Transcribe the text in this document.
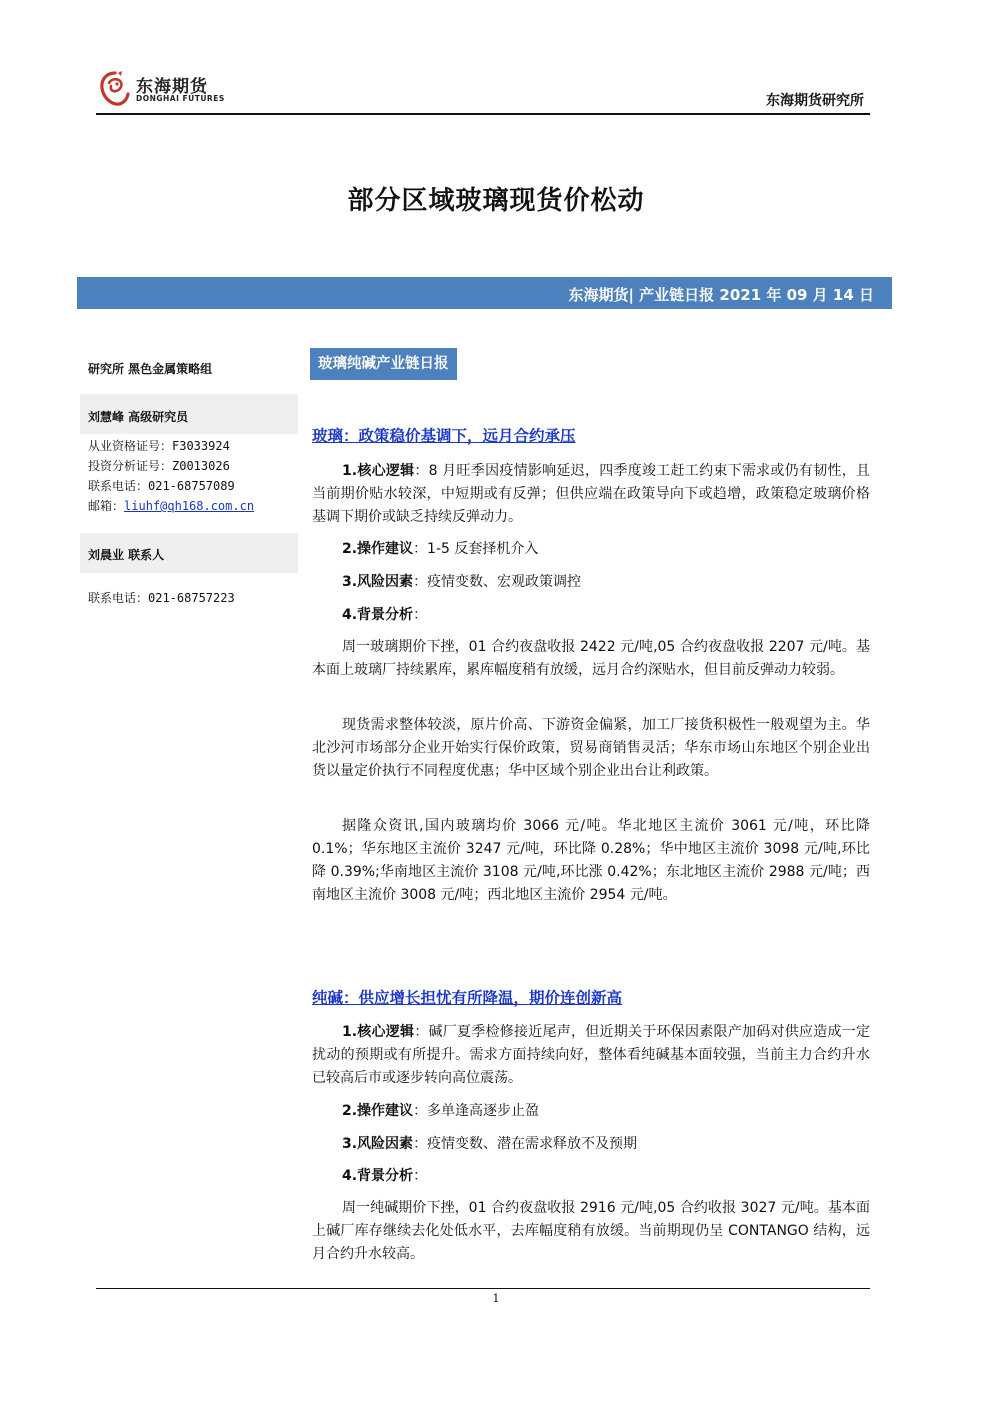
东海期货
DONGHAI FUTURES	东海期货研究所
部分区域玻璃现货价松动
东海期货| 产业链日报 2021 年 09 月 14 日
研究所 黑色金属策略组
刘慧峰 高级研究员
从业资格证号：F3033924
投资分析证号：Z0013026
联系电话：021-68757089
邮箱：liuhf@qh168.com.cn
刘晨业 联系人
联系电话：021-68757223
玻璃纯碱产业链日报
玻璃：政策稳价基调下，远月合约承压
1.核心逻辑：8 月旺季因疫情影响延迟，四季度竣工赶工约束下需求或仍有韧性，且当前期价贴水较深，中短期或有反弹；但供应端在政策导向下或趋增，政策稳定玻璃价格基调下期价或缺乏持续反弹动力。
2.操作建议：1-5 反套择机介入
3.风险因素：疫情变数、宏观政策调控
4.背景分析：
周一玻璃期价下挫，01 合约夜盘收报 2422 元/吨,05 合约夜盘收报 2207 元/吨。基本面上玻璃厂持续累库，累库幅度稍有放缓，远月合约深贴水，但目前反弹动力较弱。
现货需求整体较淡，原片价高、下游资金偏紧，加工厂接货积极性一般观望为主。华北沙河市场部分企业开始实行保价政策，贸易商销售灵活；华东市场山东地区个别企业出货以量定价执行不同程度优惠；华中区域个别企业出台让利政策。
据隆众资讯,国内玻璃均价 3066 元/吨。华北地区主流价 3061 元/吨，环比降 0.1%；华东地区主流价 3247 元/吨，环比降 0.28%；华中地区主流价 3098 元/吨,环比降 0.39%;华南地区主流价 3108 元/吨,环比涨 0.42%；东北地区主流价 2988 元/吨；西南地区主流价 3008 元/吨；西北地区主流价 2954 元/吨。
纯碱：供应增长担忧有所降温，期价连创新高
1.核心逻辑：碱厂夏季检修接近尾声，但近期关于环保因素限产加码对供应造成一定扰动的预期或有所提升。需求方面持续向好，整体看纯碱基本面较强，当前主力合约升水已较高后市或逐步转向高位震荡。
2.操作建议：多单逢高逐步止盈
3.风险因素：疫情变数、潜在需求释放不及预期
4.背景分析：
周一纯碱期价下挫，01 合约夜盘收报 2916 元/吨,05 合约收报 3027 元/吨。基本面上碱厂库存继续去化处低水平，去库幅度稍有放缓。当前期现仍呈 CONTANGO 结构，远月合约升水较高。
1
